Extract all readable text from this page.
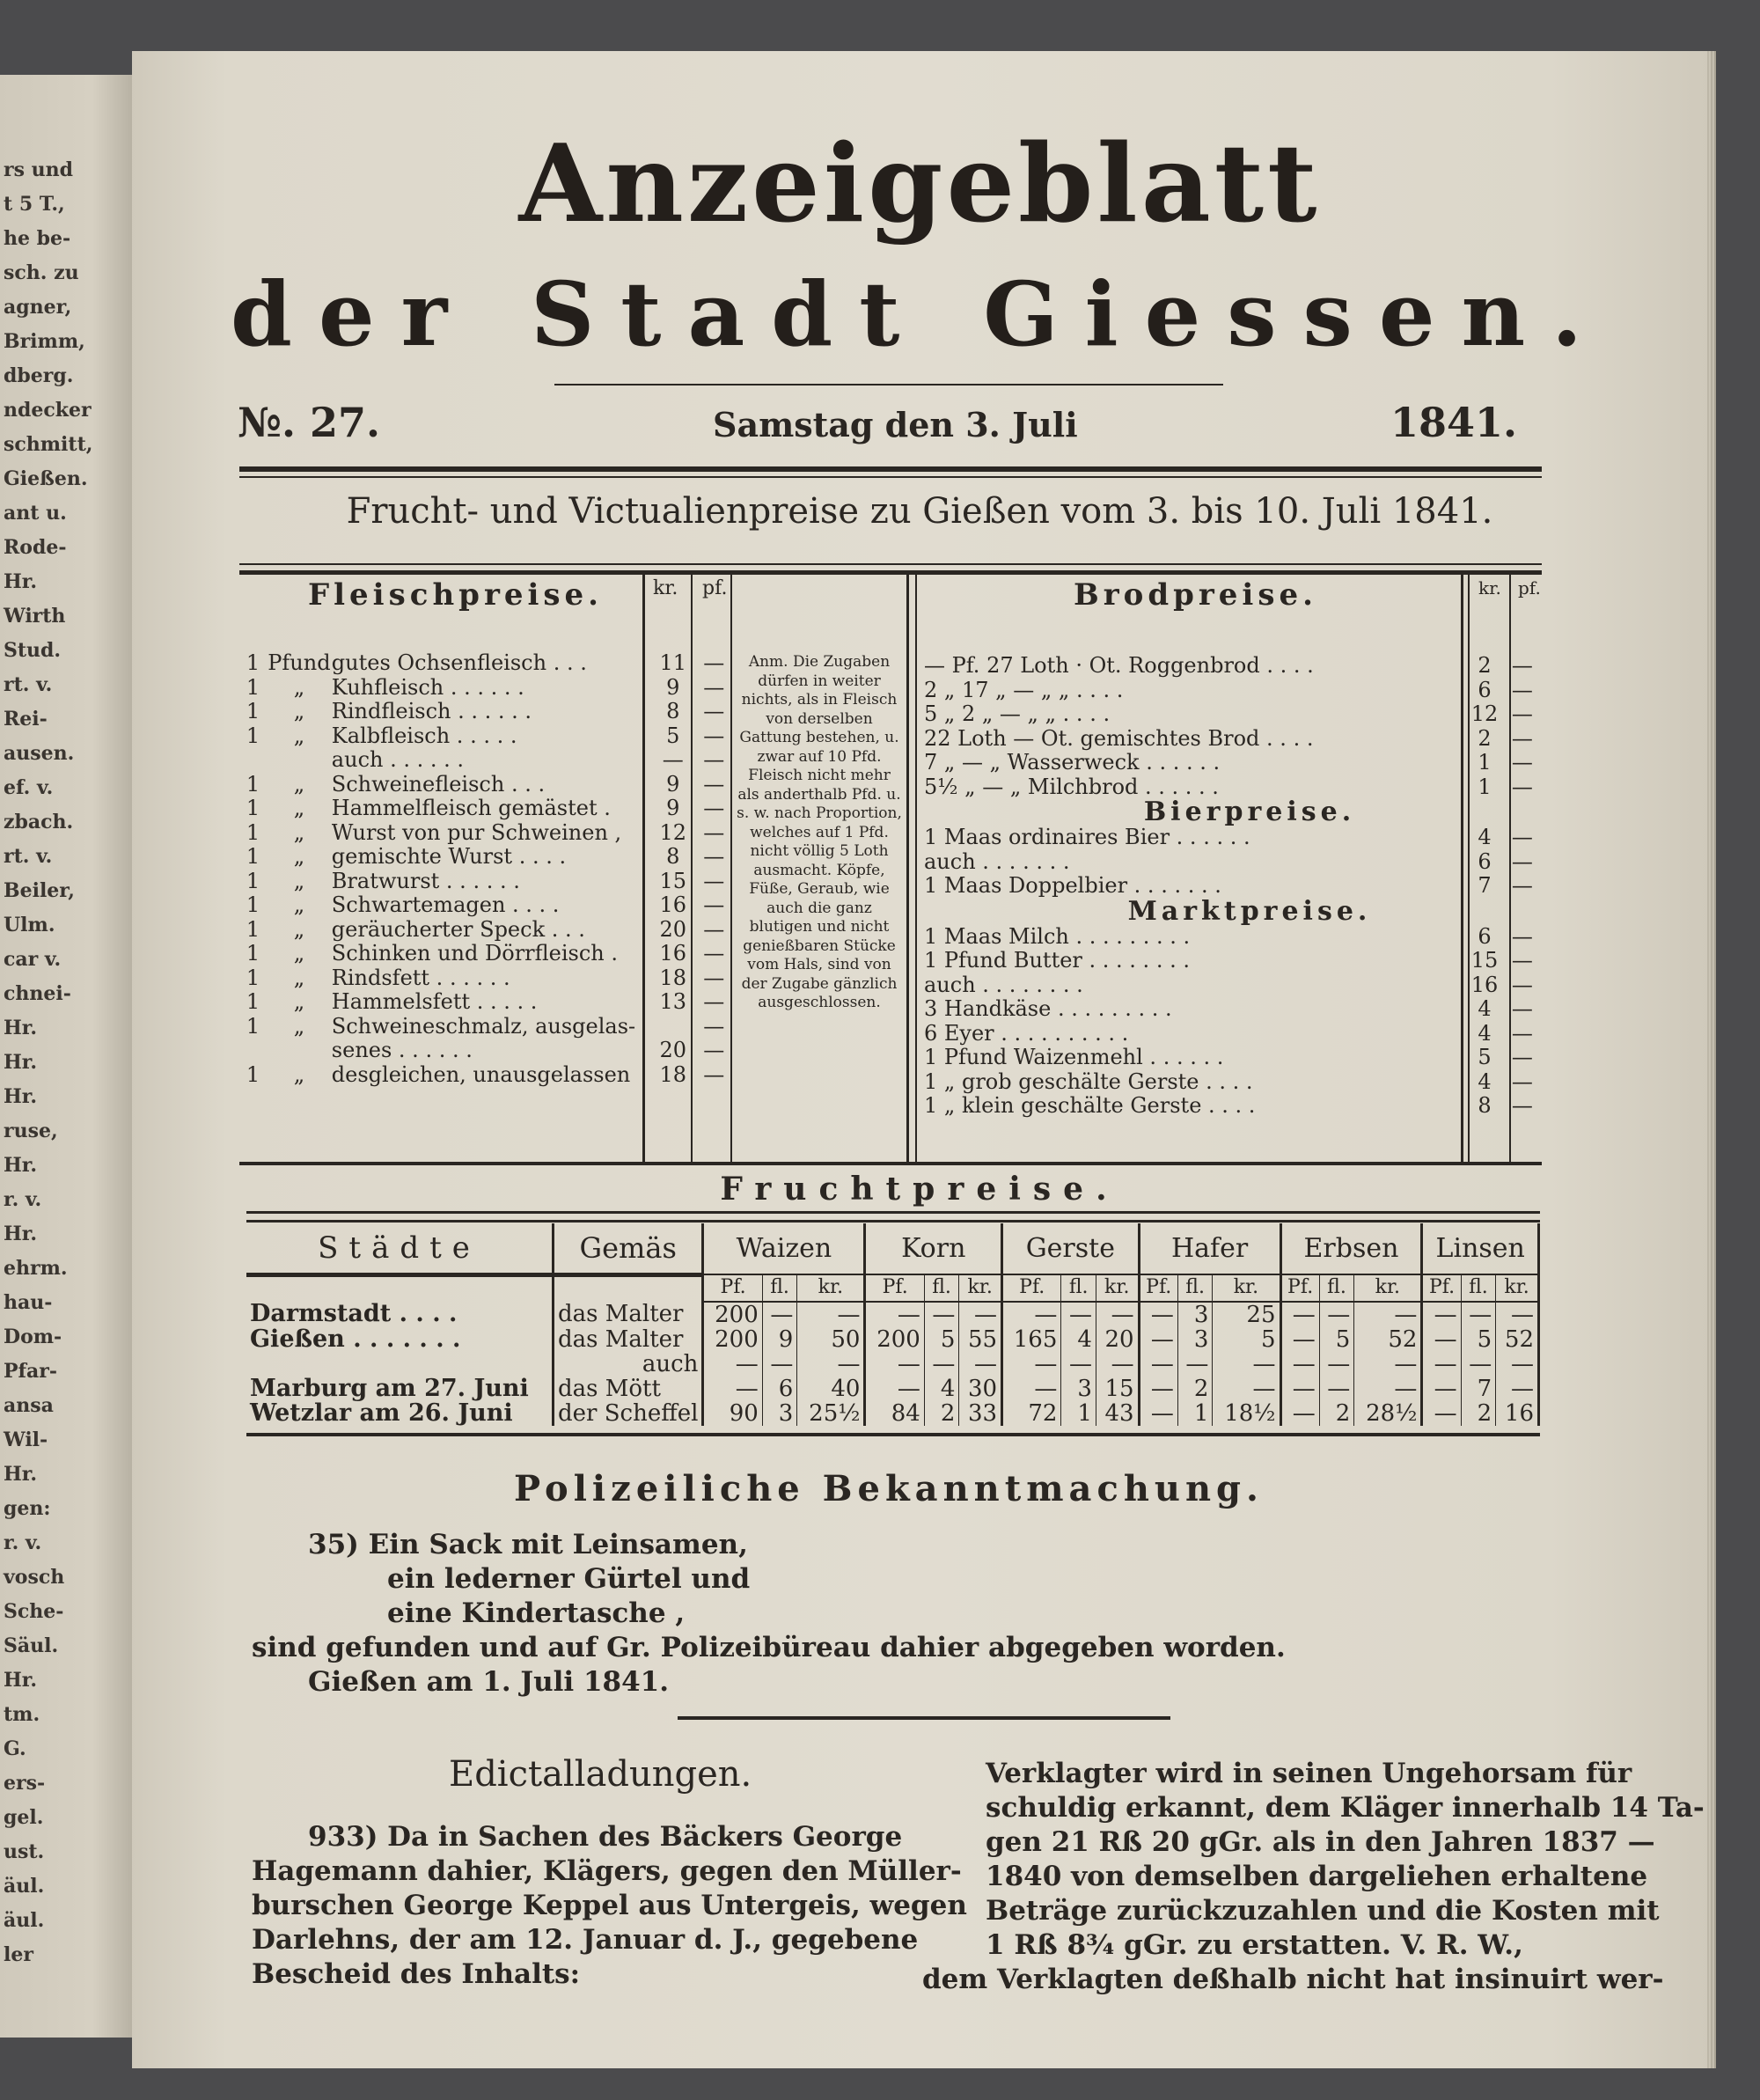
rs und
t 5 T.,
he be-
sch. zu
agner,
Brimm,
dberg.
ndecker
schmitt,
Gießen.
ant u.
Rode-
Hr.
Wirth
Stud.
rt. v.
Rei-
ausen.
ef. v.
zbach.
rt. v.
Beiler,
Ulm.
car v.
chnei-
Hr.
Hr.
Hr.
ruse,
Hr.
r. v.
Hr.
ehrm.
hau-
Dom-
Pfar-
ansa
Wil-
Hr.
gen:
r. v.
vosch
Sche-
Säul.
Hr.
tm.
G.
ers-
gel.
ust.
äul.
äul.
ler
Anzeigeblatt
der Stadt Giessen.
№. 27.	Samstag den 3. Juli	1841.
Frucht- und Victualienpreise zu Gießen vom 3. bis 10. Juli 1841.
Fleischpreise.	kr. pf.
1	Pfund	gutes Ochsenfleisch . . .	11	—
1	„	Kuhfleisch . . . . . .	9	—
1	„	Rindfleisch . . . . . .	8	—
1	„	Kalbfleisch . . . . .	5	—
		auch . . . . . .	—	—
1	„	Schweinefleisch . . .	9	—
1	„	Hammelfleisch gemästet .	9	—
1	„	Wurst von pur Schweinen ,	12	—
1	„	gemischte Wurst . . . .	8	—
1	„	Bratwurst . . . . . .	15	—
1	„	Schwartemagen . . . .	16	—
1	„	geräucherter Speck . . .	20	—
1	„	Schinken und Dörrfleisch .	16	—
1	„	Rindsfett . . . . . .	18	—
1	„	Hammelsfett . . . . .	13	—
1	„	Schweineschmalz, ausgelas-		—
		senes . . . . . .	20	—
1	„	desgleichen, unausgelassen	18	—
Anm. Die Zugaben dürfen in weiter nichts, als in Fleisch von derselben Gattung bestehen, u. zwar auf 10 Pfd. Fleisch nicht mehr als anderthalb Pfd. u. s. w. nach Proportion, welches auf 1 Pfd. nicht völlig 5 Loth ausmacht. Köpfe, Füße, Geraub, wie auch die ganz blutigen und nicht genießbaren Stücke vom Hals, sind von der Zugabe gänzlich ausgeschlossen.
Brodpreise.	kr. pf.
— Pf. 27 Loth · Ot. Roggenbrod . . . .	2	—
2 „ 17 „ — „ „ . . . .	6	—
5 „ 2 „ — „ „ . . . .	12	—
22 Loth — Ot. gemischtes Brod . . . .	2	—
7 „ — „ Wasserweck . . . . . .	1	—
5½ „ — „ Milchbrod . . . . . .	1	—
Bierpreise.		
1 Maas ordinaires Bier . . . . . .	4	—
auch . . . . . . .	6	—
1 Maas Doppelbier . . . . . . .	7	—
Marktpreise.		
1 Maas Milch . . . . . . . . .	6	—
1 Pfund Butter . . . . . . . .	15	—
auch . . . . . . . .	16	—
3 Handkäse . . . . . . . . .	4	—
6 Eyer . . . . . . . . . .	4	—
1 Pfund Waizenmehl . . . . . .	5	—
1 „ grob geschälte Gerste . . . .	4	—
1 „ klein geschälte Gerste . . . .	8	—
Fruchtpreise.
Städte	Gemäs	Waizen			Korn			Gerste			Hafer			Erbsen			Linsen	
		Pf.	fl.	kr.	Pf.	fl.	kr.	Pf.	fl.	kr.	Pf.	fl.	kr.	Pf.	fl.	kr.	Pf.	fl.	kr.
Darmstadt . . . .	das Malter	200	—	—	—	—	—	—	—	—	—	3	25	—	—	—	—	—	—
Gießen . . . . . . .	das Malter	200	9	50	200	5	55	165	4	20	—	3	5	—	5	52	—	5	52
	auch	—	—	—	—	—	—	—	—	—	—	—	—	—	—	—	—	—	—
Marburg am 27. Juni	das Mött	—	6	40	—	4	30	—	3	15	—	2	—	—	—	—	—	7	—
Wetzlar am 26. Juni	der Scheffel	90	3	25½	84	2	33	72	1	43	—	1	18½	—	2	28½	—	2	16
Polizeiliche Bekanntmachung.
35) Ein Sack mit Leinsamen,
ein lederner Gürtel und
eine Kindertasche ,
sind gefunden und auf Gr. Polizeibüreau dahier abgegeben worden.
Gießen am 1. Juli 1841.
Edictalladungen.
933) Da in Sachen des Bäckers George
Hagemann dahier, Klägers, gegen den Müller-
burschen George Keppel aus Untergeis, wegen
Darlehns, der am 12. Januar d. J., gegebene
Bescheid des Inhalts:
Verklagter wird in seinen Ungehorsam für
schuldig erkannt, dem Kläger innerhalb 14 Ta-
gen 21 Rß 20 gGr. als in den Jahren 1837 —
1840 von demselben dargeliehen erhaltene
Beträge zurückzuzahlen und die Kosten mit
1 Rß 8¾ gGr. zu erstatten. V. R. W.,
dem Verklagten deßhalb nicht hat insinuirt wer-
